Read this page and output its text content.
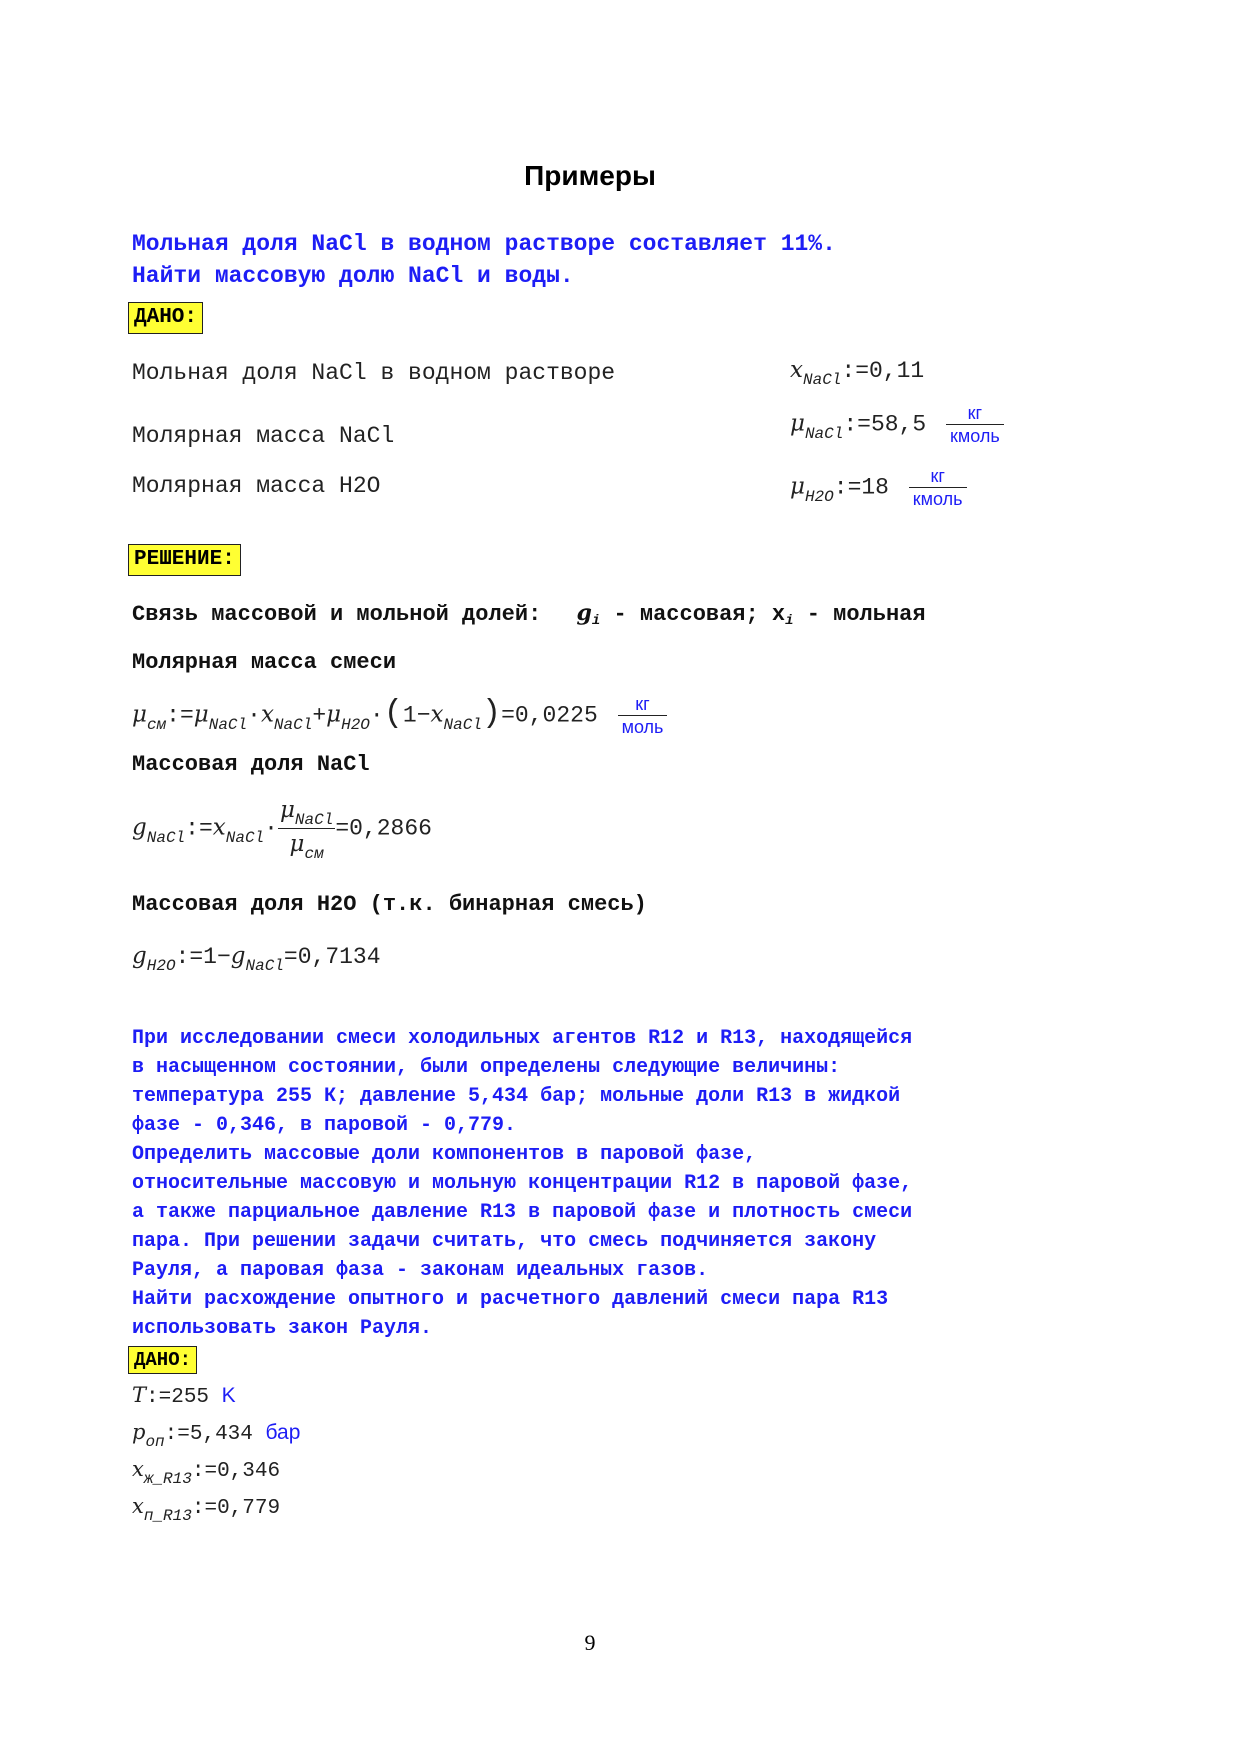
Примеры
Мольная доля NaCl в водном растворе составляет 11%.
Найти массовую долю NaCl и воды.
ДАНО:
Мольная доля NaCl в водном растворе	$x_{NaCl}:=0,11$
Молярная масса NaCl	$\mu_{NaCl}:=58,5 \frac{кг}{\text{кмоль}}$
Молярная масса H2O	$\mu_{H2O}:=18 \frac{кг}{\text{кмоль}}$
РЕШЕНИЕ:
Связь массовой и мольной долей: gi - массовая; xi - мольная
Молярная масса смеси
$\mu_{см}:=\mu_{NaCl}\cdot x_{NaCl}+\mu_{H2O}\cdot(1-x_{NaCl})=0,0225 \frac{кг}{\text{моль}}$
Массовая доля NaCl
$g_{NaCl}:=x_{NaCl}\cdot \frac{\mu_{NaCl}}{\mu_{см}} =0,2866$
Массовая доля H2O (т.к. бинарная смесь)
$g_{H2O}:=1-g_{NaCl}=0,7134$
При исследовании смеси холодильных агентов R12 и R13, находящейся
в насыщенном состоянии, были определены следующие величины:
температура 255 К; давление 5,434 бар; мольные доли R13 в жидкой
фазе - 0,346, в паровой - 0,779.
Определить массовые доли компонентов в паровой фазе,
относительные массовую и мольную концентрации R12 в паровой фазе,
а также парциальное давление R13 в паровой фазе и плотность смеси
пара. При решении задачи считать, что смесь подчиняется закону
Рауля, а паровая фаза - законам идеальных газов.
Найти расхождение опытного и расчетного давлений смеси пара R13
использовать закон Рауля.
ДАНО:
T:=255 K
$p_{оп}:=5,434$ бар
$x_{ж\_R13}:=0,346$
$x_{п\_R13}:=0,779$
9
